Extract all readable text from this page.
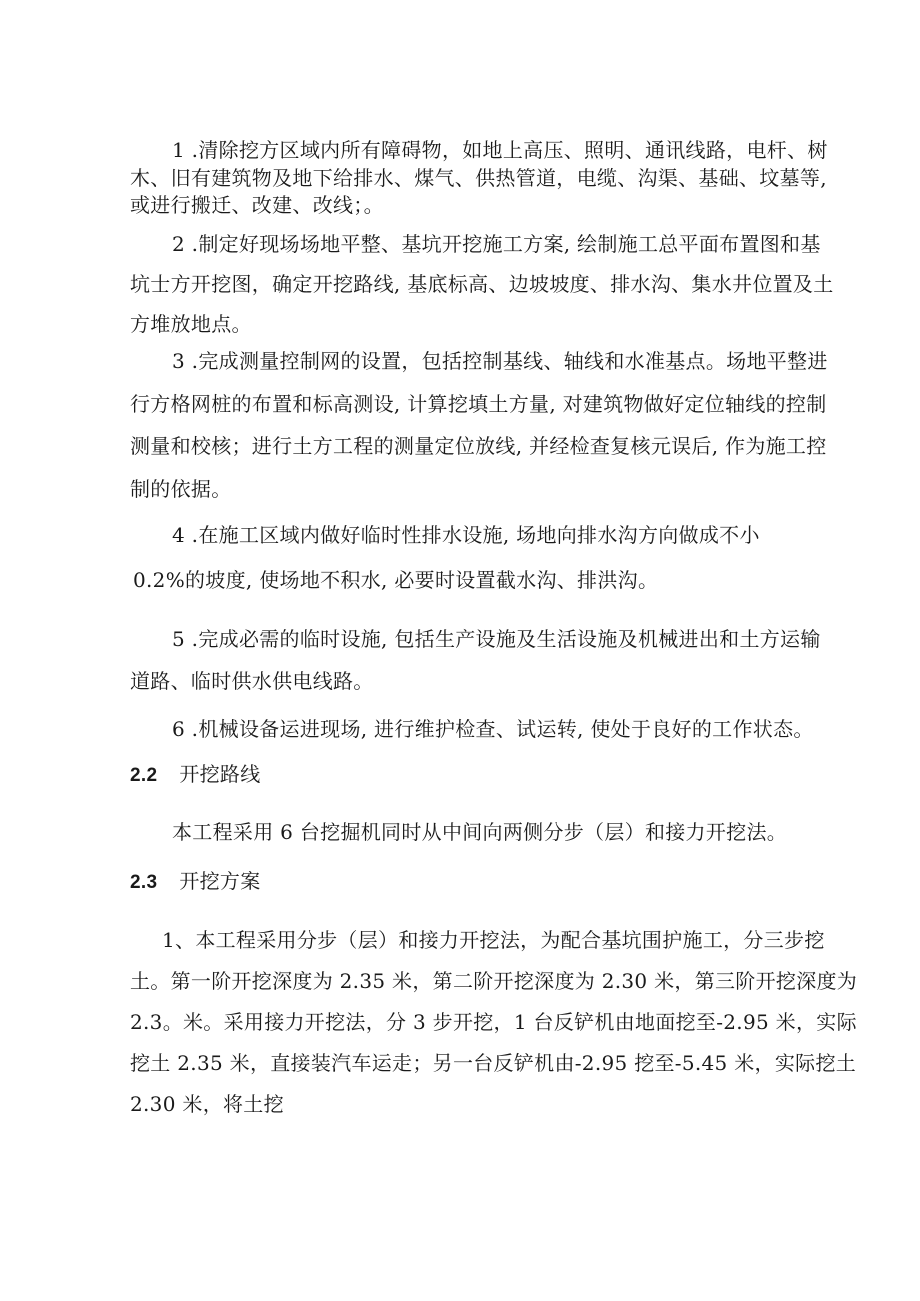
1 .清除挖方区域内所有障碍物，如地上高压、照明、通讯线路，电杆、树
木、旧有建筑物及地下给排水、煤气、供热管道，电缆、沟渠、基础、坟墓等,
或进行搬迁、改建、改线；。
2 .制定好现场场地平整、基坑开挖施工方案, 绘制施工总平面布置图和基
坑士方开挖图，确定开挖路线, 基底标高、边坡坡度、排水沟、集水井位置及土
方堆放地点。
3 .完成测量控制网的设置，包括控制基线、轴线和水准基点。场地平整进
行方格网桩的布置和标高测设, 计算挖填土方量, 对建筑物做好定位轴线的控制
测量和校核；进行土方工程的测量定位放线, 并经检查复核元误后, 作为施工控
制的依据。
4 .在施工区域内做好临时性排水设施, 场地向排水沟方向做成不小
0.2%的坡度, 使场地不积水, 必要时设置截水沟、排洪沟。
5 .完成必需的临时设施, 包括生产设施及生活设施及机械进出和土方运输
道路、临时供水供电线路。
6 .机械设备运进现场, 进行维护检查、试运转, 使处于良好的工作状态。
2.2 开挖路线
本工程采用 6 台挖掘机同时从中间向两侧分步（层）和接力开挖法。
2.3 开挖方案
1、本工程采用分步（层）和接力开挖法，为配合基坑围护施工，分三步挖
土。第一阶开挖深度为 2.35 米，第二阶开挖深度为 2.30 米，第三阶开挖深度为
2.3。米。采用接力开挖法，分 3 步开挖，1 台反铲机由地面挖至-2.95 米，实际
挖土 2.35 米，直接装汽车运走；另一台反铲机由-2.95 挖至-5.45 米，实际挖土
2.30 米，将土挖
